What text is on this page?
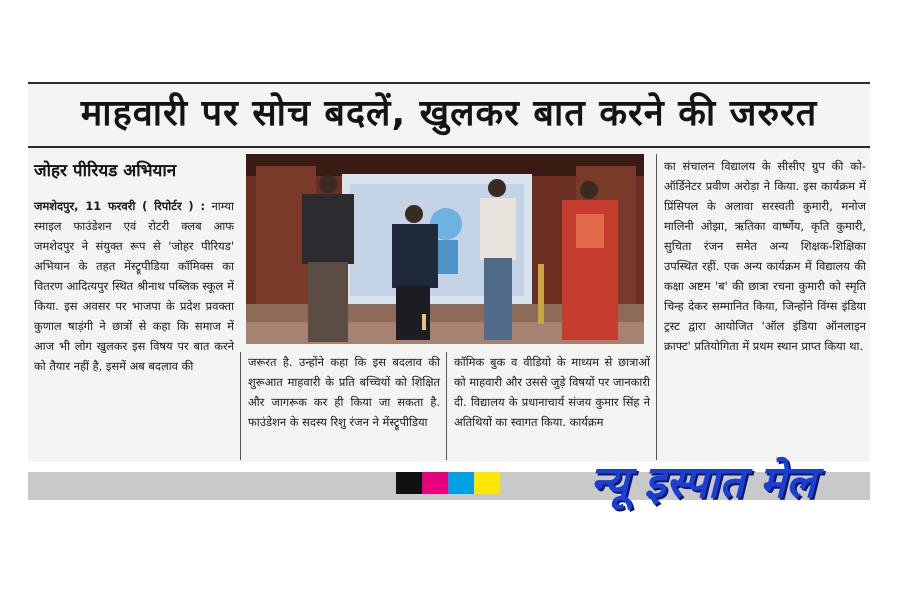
माहवारी पर सोच बदलें, खुलकर बात करने की जरुरत
जोहर पीरियड अभियान

जमशेदपुर, 11 फरवरी ( रिपोर्टर ) : नाम्या स्माइल फाउंडेशन एवं रोटरी क्लब आफ जमशेदपुर ने संयुक्त रूप से 'जोहर पीरियड' अभियान के तहत मेंस्ट्रूपीडिया कॉमिक्स का वितरण आदित्यपुर स्थित श्रीनाथ पब्लिक स्कूल में किया. इस अवसर पर भाजपा के प्रदेश प्रवक्ता कुणाल षाड़ंगी ने छात्रों से कहा कि समाज में आज भी लोग खुलकर इस विषय पर बात करने को तैयार नहीं है, इसमें अब बदलाव की	जरूरत है. उन्होंने कहा कि इस बदलाव की शुरूआत माहवारी के प्रति बच्चियों को शिक्षित और जागरूक कर ही किया जा सकता है. फाउंडेशन के सदस्य रिशु रंजन ने मेंस्ट्रूपीडिया

कॉमिक बुक व वीडियो के माध्यम से छात्राओं को माहवारी और उससे जुड़े विषयों पर जानकारी दी. विद्यालय के प्रधानाचार्य संजय कुमार सिंह ने अतिथियों का स्वागत किया. कार्यक्रम

का संचालन विद्यालय के सीसीए ग्रुप की को-ऑर्डिनेटर प्रवीण अरोड़ा ने किया. इस कार्यक्रम में प्रिंसिपल के अलावा सरस्वती कुमारी, मनोज मालिनी ओझा, ऋतिका वार्ष्णेय, कृति कुमारी, सुचिता रंजन समेत अन्य शिक्षक-शिक्षिका उपस्थित रहीं. एक अन्य कार्यक्रम में विद्यालय की कक्षा अष्टम 'ब' की छात्रा रचना कुमारी को स्मृति चिन्ह देकर सम्मानित किया, जिन्होंने विंग्स इंडिया ट्रस्ट द्वारा आयोजित 'ऑल इंडिया ऑनलाइन क्राफ्ट' प्रतियोगिता में प्रथम स्थान प्राप्त किया था.

न्यू इस्पात मेल
